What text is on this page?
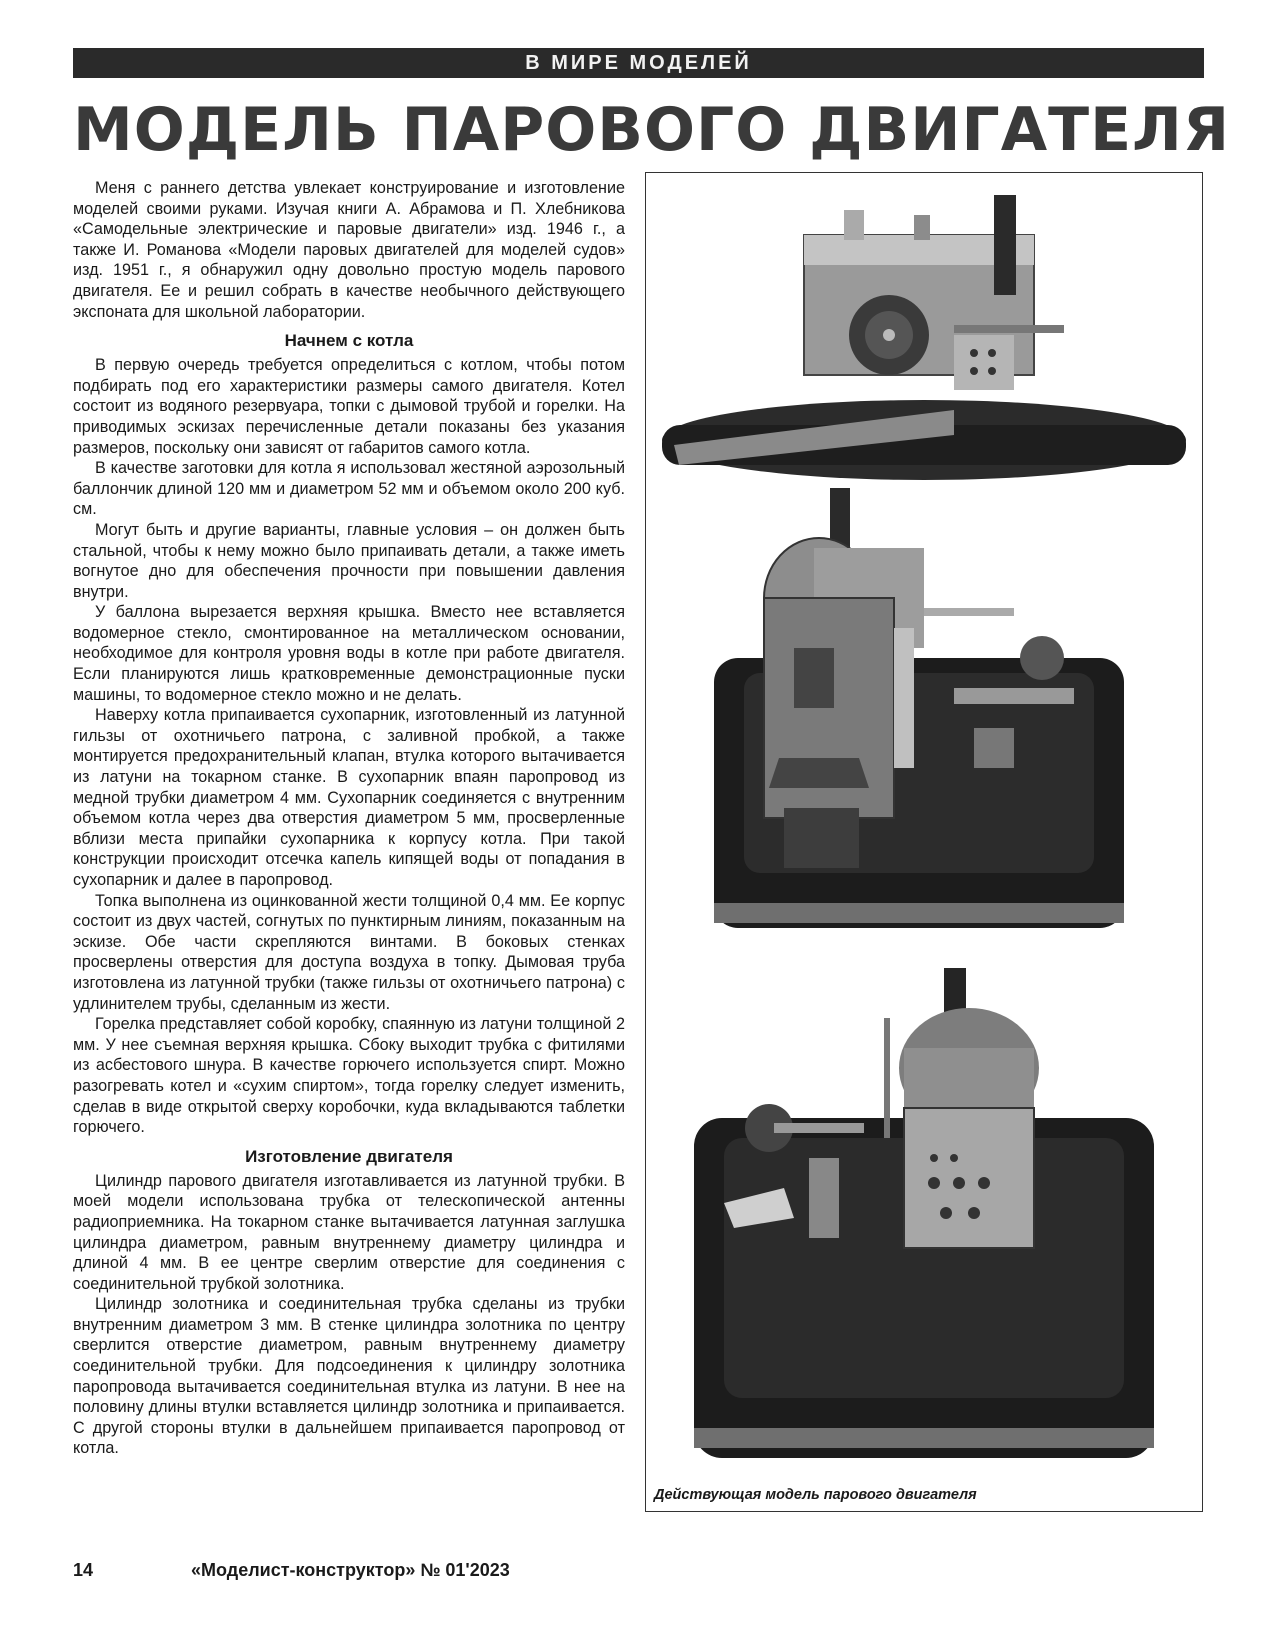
В МИРЕ МОДЕЛЕЙ
МОДЕЛЬ ПАРОВОГО ДВИГАТЕЛЯ

Меня с раннего детства увлекает конструирование и изготовление моделей своими руками. Изучая книги А. Абрамова и П. Хлебникова «Самодельные электрические и паровые двигатели» изд. 1946 г., а также И. Романова «Модели паровых двигателей для моделей судов» изд. 1951 г., я обнаружил одну довольно простую модель парового двигателя. Ее и решил собрать в качестве необычного действующего экспоната для школьной лаборатории.

Начнем с котла

В первую очередь требуется определиться с котлом, чтобы потом подбирать под его характеристики размеры самого двигателя. Котел состоит из водяного резервуара, топки с дымовой трубой и горелки. На приводимых эскизах перечисленные детали показаны без указания размеров, поскольку они зависят от габаритов самого котла.

В качестве заготовки для котла я использовал жестяной аэрозольный баллончик длиной 120 мм и диаметром 52 мм и объемом около 200 куб. см.

Могут быть и другие варианты, главные условия – он должен быть стальной, чтобы к нему можно было припаивать детали, а также иметь вогнутое дно для обеспечения прочности при повышении давления внутри.

У баллона вырезается верхняя крышка. Вместо нее вставляется водомерное стекло, смонтированное на металлическом основании, необходимое для контроля уровня воды в котле при работе двигателя. Если планируются лишь кратковременные демонстрационные пуски машины, то водомерное стекло можно и не делать.

Наверху котла припаивается сухопарник, изготовленный из латунной гильзы от охотничьего патрона, с заливной пробкой, а также монтируется предохранительный клапан, втулка которого вытачивается из латуни на токарном станке. В сухопарник впаян паропровод из медной трубки диаметром 4 мм. Сухопарник соединяется с внутренним объемом котла через два отверстия диаметром 5 мм, просверленные вблизи места припайки сухопарника к корпусу котла. При такой конструкции происходит отсечка капель кипящей воды от попадания в сухопарник и далее в паропровод.

Топка выполнена из оцинкованной жести толщиной 0,4 мм. Ее корпус состоит из двух частей, согнутых по пунктирным линиям, показанным на эскизе. Обе части скрепляются винтами. В боковых стенках просверлены отверстия для доступа воздуха в топку. Дымовая труба изготовлена из латунной трубки (также гильзы от охотничьего патрона) с удлинителем трубы, сделанным из жести.

Горелка представляет собой коробку, спаянную из латуни толщиной 2 мм. У нее съемная верхняя крышка. Сбоку выходит трубка с фитилями из асбестового шнура. В качестве горючего используется спирт. Можно разогревать котел и «сухим спиртом», тогда горелку следует изменить, сделав в виде открытой сверху коробочки, куда вкладываются таблетки горючего.

Изготовление двигателя

Цилиндр парового двигателя изготавливается из латунной трубки. В моей модели использована трубка от телескопической антенны радиоприемника. На токарном станке вытачивается латунная заглушка цилиндра диаметром, равным внутреннему диаметру цилиндра и длиной 4 мм. В ее центре сверлим отверстие для соединения с соединительной трубкой золотника.

Цилиндр золотника и соединительная трубка сделаны из трубки внутренним диаметром 3 мм. В стенке цилиндра золотника по центру сверлится отверстие диаметром, равным внутреннему диаметру соединительной трубки. Для подсоединения к цилиндру золотника паропровода вытачивается соединительная втулка из латуни. В нее на половину длины втулки вставляется цилиндр золотника и припаивается. С другой стороны втулки в дальнейшем припаивается паропровод от котла.

Действующая модель парового двигателя
14	«Моделист-конструктор» № 01'2023
